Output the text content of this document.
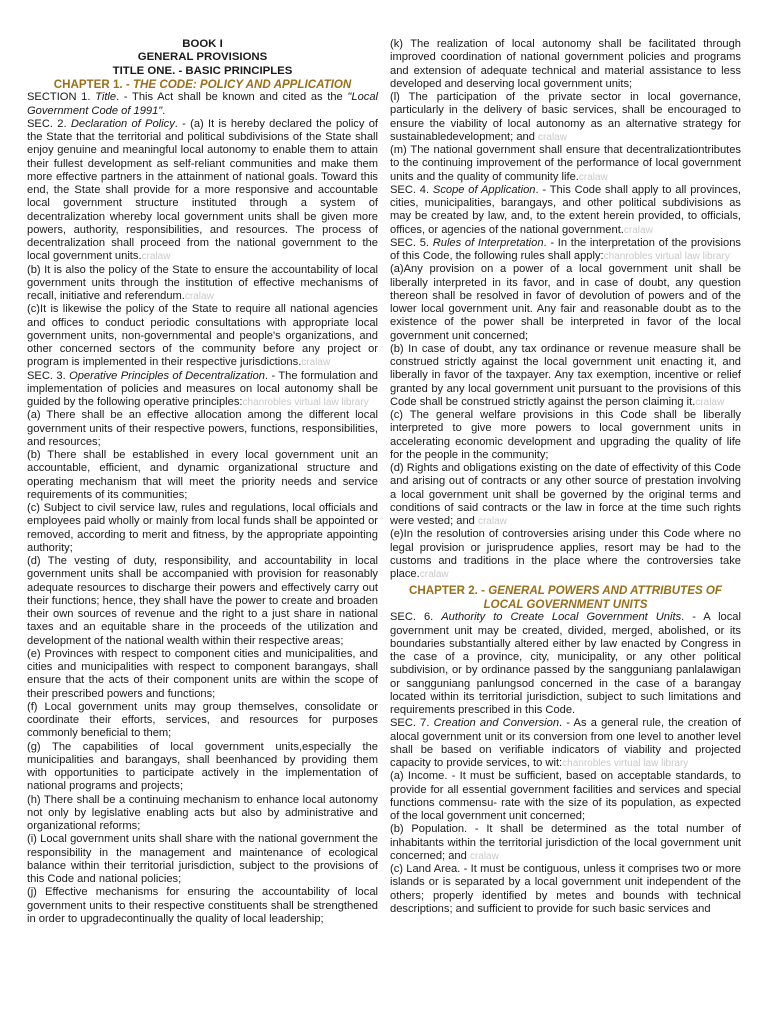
BOOK I

GENERAL PROVISIONS

TITLE ONE. - BASIC PRINCIPLES

CHAPTER 1. - THE CODE: POLICY AND APPLICATION

SECTION 1. Title. - This Act shall be known and cited as the "Local Government Code of 1991".

SEC. 2. Declaration of Policy. - (a) It is hereby declared the policy of the State that the territorial and political subdivisions of the State shall enjoy genuine and meaningful local autonomy to enable them to attain their fullest development as self-reliant communities and make them more effective partners in the attainment of national goals. Toward this end, the State shall provide for a more responsive and accountable local government structure instituted through a system of decentralization whereby local government units shall be given more powers, authority, responsibilities, and resources. The process of decentralization shall proceed from the national government to the local government units.cralaw

(b) It is also the policy of the State to ensure the accountability of local government units through the institution of effective mechanisms of recall, initiative and referendum.cralaw

(c)It is likewise the policy of the State to require all national agencies and offices to conduct periodic consultations with appropriate local government units, non-governmental and people's organizations, and other concerned sectors of the community before any project or program is implemented in their respective jurisdictions.cralaw

SEC. 3. Operative Principles of Decentralization. - The formulation and implementation of policies and measures on local autonomy shall be guided by the following operative principles:chanrobles virtual law library

(a) There shall be an effective allocation among the different local government units of their respective powers, functions, responsibilities, and resources;

(b) There shall be established in every local government unit an accountable, efficient, and dynamic organizational structure and operating mechanism that will meet the priority needs and service requirements of its communities;

(c) Subject to civil service law, rules and regulations, local officials and employees paid wholly or mainly from local funds shall be appointed or removed, according to merit and fitness, by the appropriate appointing authority;

(d) The vesting of duty, responsibility, and accountability in local government units shall be accompanied with provision for reasonably adequate resources to discharge their powers and effectively carry out their functions; hence, they shall have the power to create and broaden their own sources of revenue and the right to a just share in national taxes and an equitable share in the proceeds of the utilization and development of the national wealth within their respective areas;

(e) Provinces with respect to component cities and municipalities, and cities and municipalities with respect to component barangays, shall ensure that the acts of their component units are within the scope of their prescribed powers and functions;

(f) Local government units may group themselves, consolidate or coordinate their efforts, services, and resources for purposes commonly beneficial to them;

(g) The capabilities of local government units,especially the municipalities and barangays, shall beenhanced by providing them with opportunities to participate actively in the implementation of national programs and projects;

(h) There shall be a continuing mechanism to enhance local autonomy not only by legislative enabling acts but also by administrative and organizational reforms;

(i) Local government units shall share with the national government the responsibility in the management and maintenance of ecological balance within their territorial jurisdiction, subject to the provisions of this Code and national policies;

(j) Effective mechanisms for ensuring the accountability of local government units to their respective constituents shall be strengthened in order to upgradecontinually the quality of local leadership;

(k) The realization of local autonomy shall be facilitated through improved coordination of national government policies and programs and extension of adequate technical and material assistance to less developed and deserving local government units;

(l) The participation of the private sector in local governance, particularly in the delivery of basic services, shall be encouraged to ensure the viability of local autonomy as an alternative strategy for sustainabledevelopment; and cralaw

(m) The national government shall ensure that decentralizationtributes to the continuing improvement of the performance of local government units and the quality of community life.cralaw

SEC. 4. Scope of Application. - This Code shall apply to all provinces, cities, municipalities, barangays, and other political subdivisions as may be created by law, and, to the extent herein provided, to officials, offices, or agencies of the national government.cralaw

SEC. 5. Rules of Interpretation. - In the interpretation of the provisions of this Code, the following rules shall apply:chanrobles virtual law library

(a)Any provision on a power of a local government unit shall be liberally interpreted in its favor, and in case of doubt, any question thereon shall be resolved in favor of devolution of powers and of the lower local government unit. Any fair and reasonable doubt as to the existence of the power shall be interpreted in favor of the local government unit concerned;

(b) In case of doubt, any tax ordinance or revenue measure shall be construed strictly against the local government unit enacting it, and liberally in favor of the taxpayer. Any tax exemption, incentive or relief granted by any local government unit pursuant to the provisions of this Code shall be construed strictly against the person claiming it.cralaw

(c) The general welfare provisions in this Code shall be liberally interpreted to give more powers to local government units in accelerating economic development and upgrading the quality of life for the people in the community;

(d) Rights and obligations existing on the date of effectivity of this Code and arising out of contracts or any other source of prestation involving a local government unit shall be governed by the original terms and conditions of said contracts or the law in force at the time such rights were vested; and cralaw

(e)In the resolution of controversies arising under this Code where no legal provision or jurisprudence applies, resort may be had to the customs and traditions in the place where the controversies take place.cralaw

CHAPTER 2. - GENERAL POWERS AND ATTRIBUTES OF LOCAL GOVERNMENT UNITS

SEC. 6. Authority to Create Local Government Units. - A local government unit may be created, divided, merged, abolished, or its boundaries substantially altered either by law enacted by Congress in the case of a province, city, municipality, or any other political subdivision, or by ordinance passed by the sangguniang panlalawigan or sangguniang panlungsod concerned in the case of a barangay located within its territorial jurisdiction, subject to such limitations and requirements prescribed in this Code.

SEC. 7. Creation and Conversion. - As a general rule, the creation of alocal government unit or its conversion from one level to another level shall be based on verifiable indicators of viability and projected capacity to provide services, to wit:chanrobles virtual law library

(a) Income. - It must be sufficient, based on acceptable standards, to provide for all essential government facilities and services and special functions commensu- rate with the size of its population, as expected of the local government unit concerned;

(b) Population. - It shall be determined as the total number of inhabitants within the territorial jurisdiction of the local government unit concerned; and cralaw

(c) Land Area. - It must be contiguous, unless it comprises two or more islands or is separated by a local government unit independent of the others; properly identified by metes and bounds with technical descriptions; and sufficient to provide for such basic services and
